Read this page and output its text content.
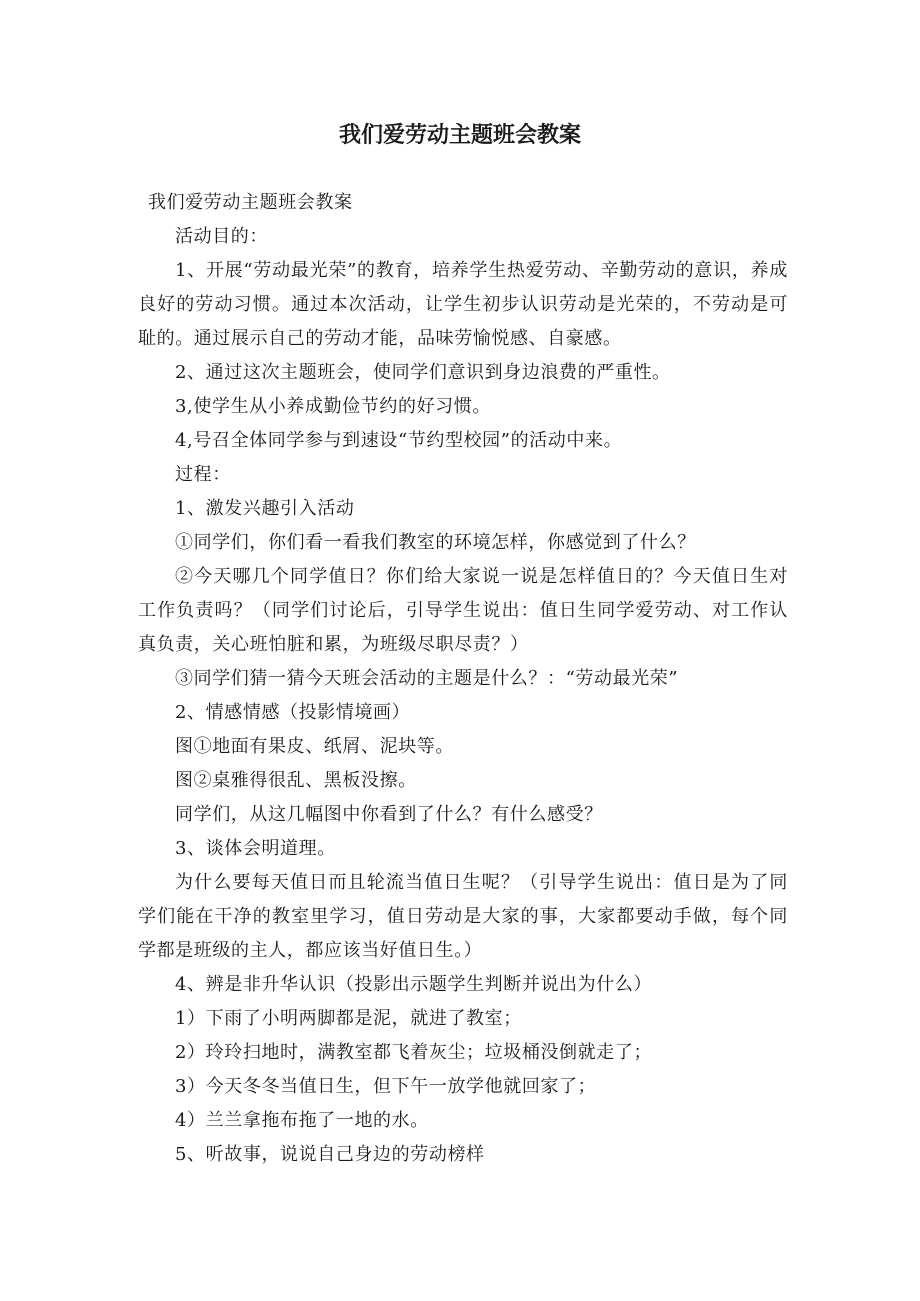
我们爱劳动主题班会教案

我们爱劳动主题班会教案

活动目的：

1、开展“劳动最光荣”的教育，培养学生热爱劳动、辛勤劳动的意识，养成良好的劳动习惯。通过本次活动，让学生初步认识劳动是光荣的，不劳动是可耻的。通过展示自己的劳动才能，品味劳愉悦感、自豪感。

2、通过这次主题班会，使同学们意识到身边浪费的严重性。

3,使学生从小养成勤俭节约的好习惯。

4,号召全体同学参与到速设“节约型校园”的活动中来。

过程：

1、激发兴趣引入活动

①同学们，你们看一看我们教室的环境怎样，你感觉到了什么？

②今天哪几个同学值日？你们给大家说一说是怎样值日的？今天值日生对工作负责吗？（同学们讨论后，引导学生说出：值日生同学爱劳动、对工作认真负责，关心班怕脏和累，为班级尽职尽责？）

③同学们猜一猜今天班会活动的主题是什么？：“劳动最光荣”

2、情感情感（投影情境画）

图①地面有果皮、纸屑、泥块等。

图②桌雅得很乱、黑板没擦。

同学们，从这几幅图中你看到了什么？有什么感受？

3、谈体会明道理。

为什么要每天值日而且轮流当值日生呢？（引导学生说出：值日是为了同学们能在干净的教室里学习，值日劳动是大家的事，大家都要动手做，每个同学都是班级的主人，都应该当好值日生。）

4、辨是非升华认识（投影出示题学生判断并说出为什么）

1）下雨了小明两脚都是泥，就进了教室；

2）玲玲扫地时，满教室都飞着灰尘；垃圾桶没倒就走了；

3）今天冬冬当值日生，但下午一放学他就回家了；

4）兰兰拿拖布拖了一地的水。

5、听故事，说说自己身边的劳动榜样
